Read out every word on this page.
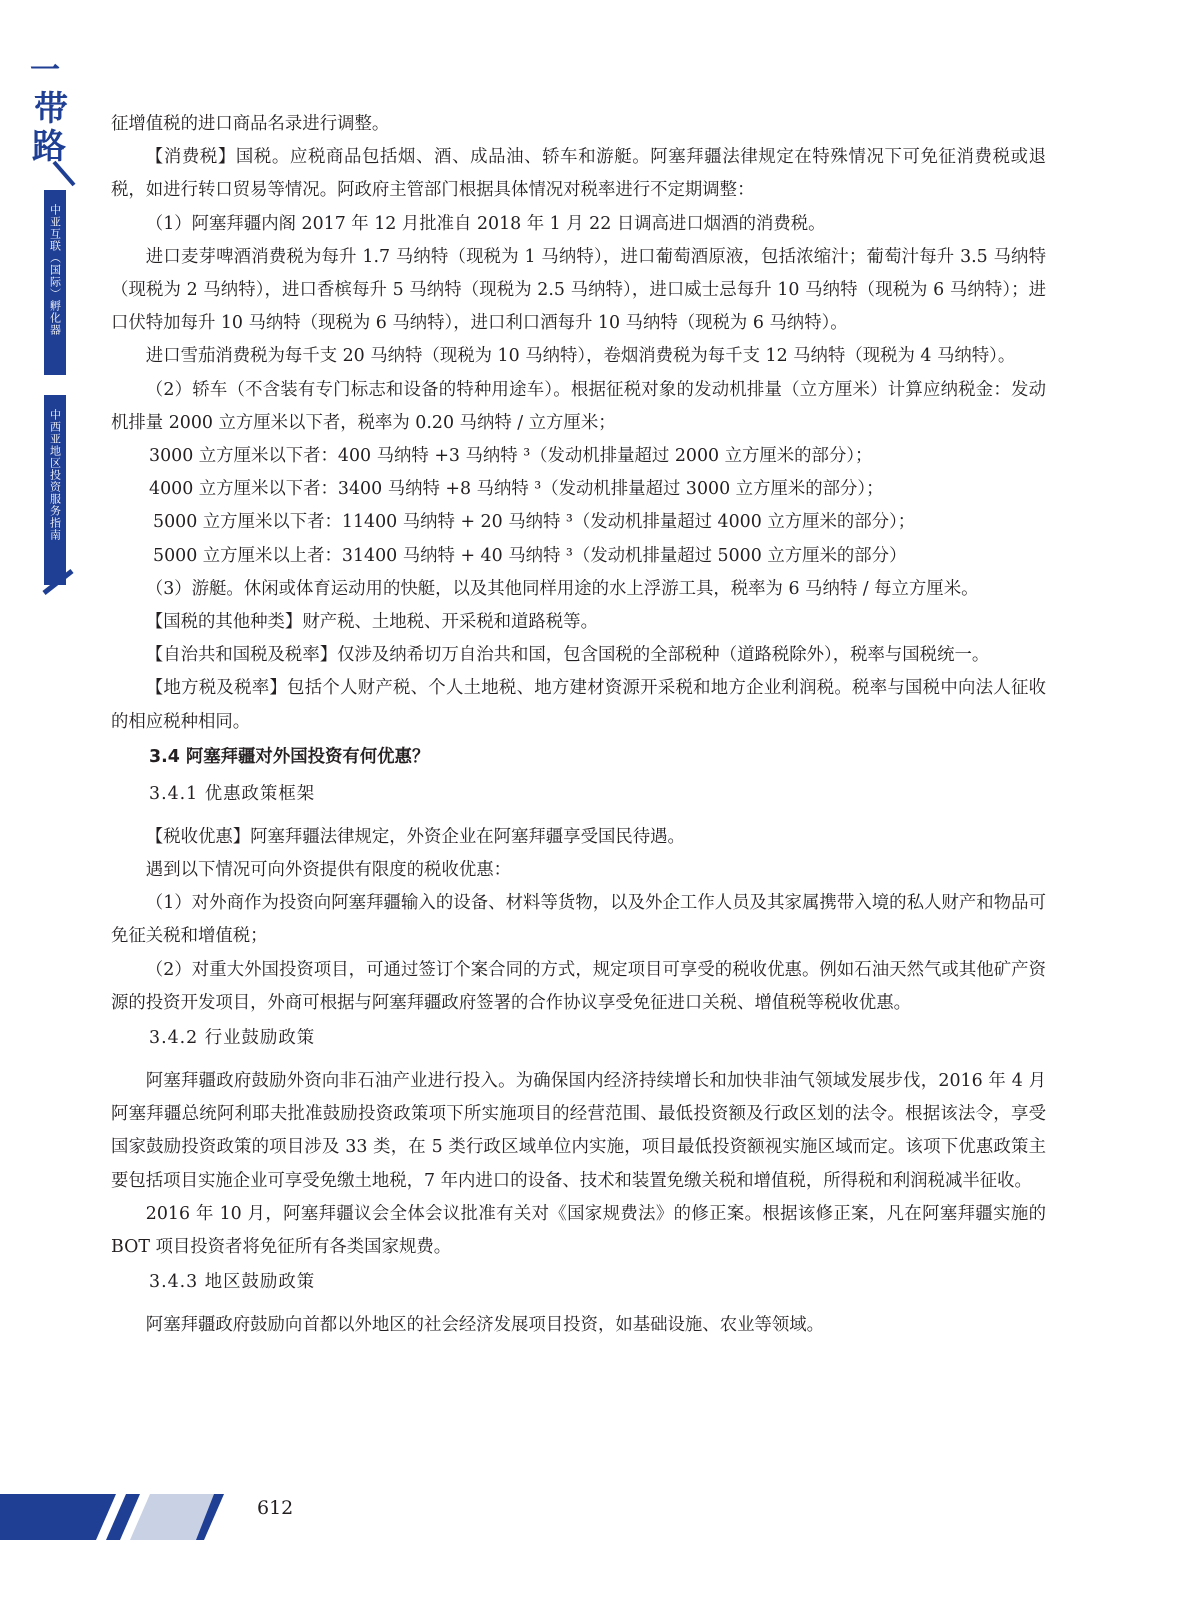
一
带
路
中亚互联（国际）孵化器
中西亚地区投资服务指南

征增值税的进口商品名录进行调整。

【消费税】国税。应税商品包括烟、酒、成品油、轿车和游艇。阿塞拜疆法律规定在特殊情况下可免征消费税或退税，如进行转口贸易等情况。阿政府主管部门根据具体情况对税率进行不定期调整：

（1）阿塞拜疆内阁 2017 年 12 月批准自 2018 年 1 月 22 日调高进口烟酒的消费税。

进口麦芽啤酒消费税为每升 1.7 马纳特（现税为 1 马纳特），进口葡萄酒原液，包括浓缩汁；葡萄汁每升 3.5 马纳特（现税为 2 马纳特），进口香槟每升 5 马纳特（现税为 2.5 马纳特），进口威士忌每升 10 马纳特（现税为 6 马纳特）；进口伏特加每升 10 马纳特（现税为 6 马纳特），进口利口酒每升 10 马纳特（现税为 6 马纳特）。

进口雪茄消费税为每千支 20 马纳特（现税为 10 马纳特），卷烟消费税为每千支 12 马纳特（现税为 4 马纳特）。

（2）轿车（不含装有专门标志和设备的特种用途车）。根据征税对象的发动机排量（立方厘米）计算应纳税金：发动机排量 2000 立方厘米以下者，税率为 0.20 马纳特 / 立方厘米；

3000 立方厘米以下者：400 马纳特 +3 马纳特 ³（发动机排量超过 2000 立方厘米的部分）；

4000 立方厘米以下者：3400 马纳特 +8 马纳特 ³（发动机排量超过 3000 立方厘米的部分）；

5000 立方厘米以下者：11400 马纳特 + 20 马纳特 ³（发动机排量超过 4000 立方厘米的部分）；

5000 立方厘米以上者：31400 马纳特 + 40 马纳特 ³（发动机排量超过 5000 立方厘米的部分）

（3）游艇。休闲或体育运动用的快艇，以及其他同样用途的水上浮游工具，税率为 6 马纳特 / 每立方厘米。

【国税的其他种类】财产税、土地税、开采税和道路税等。

【自治共和国税及税率】仅涉及纳希切万自治共和国，包含国税的全部税种（道路税除外），税率与国税统一。

【地方税及税率】包括个人财产税、个人土地税、地方建材资源开采税和地方企业利润税。税率与国税中向法人征收的相应税种相同。

3.4 阿塞拜疆对外国投资有何优惠？
3.4.1 优惠政策框架

【税收优惠】阿塞拜疆法律规定，外资企业在阿塞拜疆享受国民待遇。

遇到以下情况可向外资提供有限度的税收优惠：

（1）对外商作为投资向阿塞拜疆输入的设备、材料等货物，以及外企工作人员及其家属携带入境的私人财产和物品可免征关税和增值税；

（2）对重大外国投资项目，可通过签订个案合同的方式，规定项目可享受的税收优惠。例如石油天然气或其他矿产资源的投资开发项目，外商可根据与阿塞拜疆政府签署的合作协议享受免征进口关税、增值税等税收优惠。

3.4.2 行业鼓励政策

阿塞拜疆政府鼓励外资向非石油产业进行投入。为确保国内经济持续增长和加快非油气领域发展步伐，2016 年 4 月阿塞拜疆总统阿利耶夫批准鼓励投资政策项下所实施项目的经营范围、最低投资额及行政区划的法令。根据该法令，享受国家鼓励投资政策的项目涉及 33 类，在 5 类行政区域单位内实施，项目最低投资额视实施区域而定。该项下优惠政策主要包括项目实施企业可享受免缴土地税，7 年内进口的设备、技术和装置免缴关税和增值税，所得税和利润税减半征收。

2016 年 10 月，阿塞拜疆议会全体会议批准有关对《国家规费法》的修正案。根据该修正案，凡在阿塞拜疆实施的 BOT 项目投资者将免征所有各类国家规费。

3.4.3 地区鼓励政策

阿塞拜疆政府鼓励向首都以外地区的社会经济发展项目投资，如基础设施、农业等领域。

612
